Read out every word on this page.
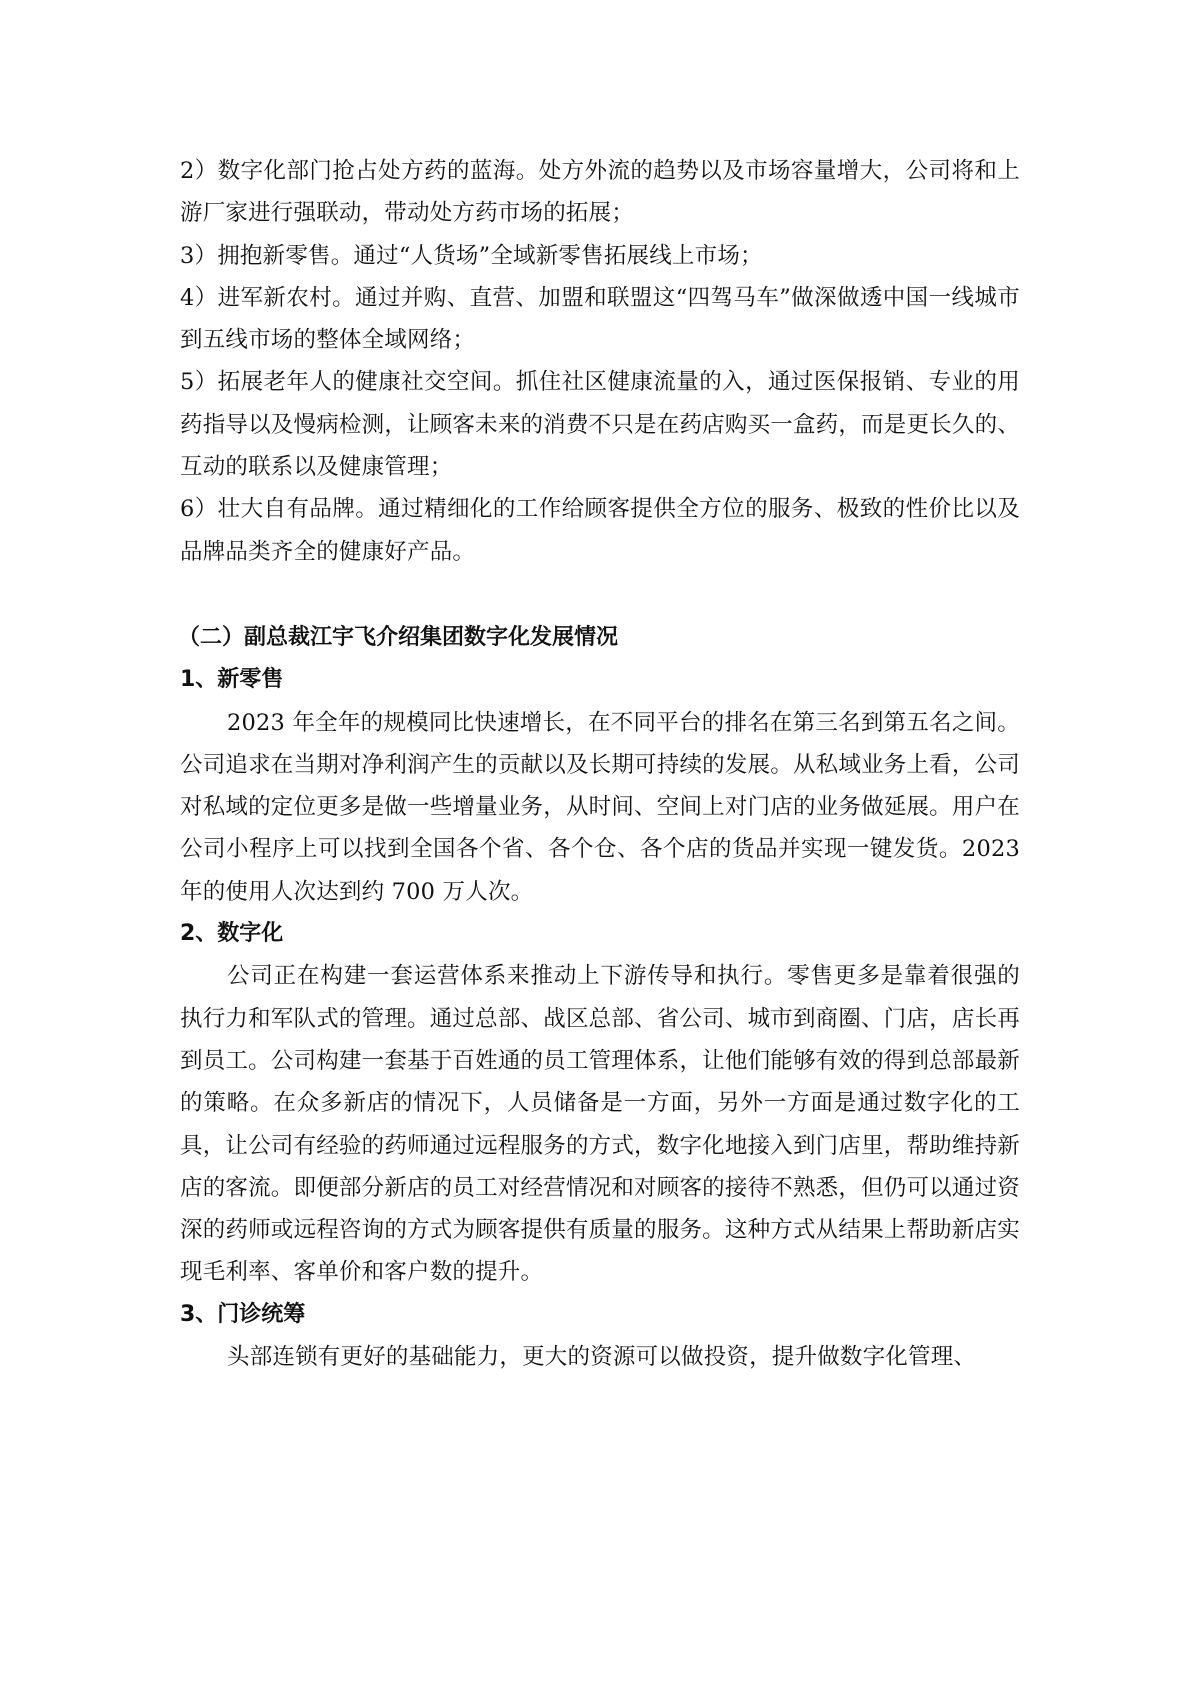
2）数字化部门抢占处方药的蓝海。处方外流的趋势以及市场容量增大，公司将和上游厂家进行强联动，带动处方药市场的拓展；

3）拥抱新零售。通过“人货场”全域新零售拓展线上市场；

4）进军新农村。通过并购、直营、加盟和联盟这“四驾马车”做深做透中国一线城市到五线市场的整体全域网络；

5）拓展老年人的健康社交空间。抓住社区健康流量的入，通过医保报销、专业的用药指导以及慢病检测，让顾客未来的消费不只是在药店购买一盒药，而是更长久的、互动的联系以及健康管理；

6）壮大自有品牌。通过精细化的工作给顾客提供全方位的服务、极致的性价比以及品牌品类齐全的健康好产品。

（二）副总裁江宇飞介绍集团数字化发展情况
1、新零售

2023 年全年的规模同比快速增长，在不同平台的排名在第三名到第五名之间。公司追求在当期对净利润产生的贡献以及长期可持续的发展。从私域业务上看，公司对私域的定位更多是做一些增量业务，从时间、空间上对门店的业务做延展。用户在公司小程序上可以找到全国各个省、各个仓、各个店的货品并实现一键发货。2023 年的使用人次达到约 700 万人次。

2、数字化

公司正在构建一套运营体系来推动上下游传导和执行。零售更多是靠着很强的执行力和军队式的管理。通过总部、战区总部、省公司、城市到商圈、门店，店长再到员工。公司构建一套基于百姓通的员工管理体系，让他们能够有效的得到总部最新的策略。在众多新店的情况下，人员储备是一方面，另外一方面是通过数字化的工具，让公司有经验的药师通过远程服务的方式，数字化地接入到门店里，帮助维持新店的客流。即便部分新店的员工对经营情况和对顾客的接待不熟悉，但仍可以通过资深的药师或远程咨询的方式为顾客提供有质量的服务。这种方式从结果上帮助新店实现毛利率、客单价和客户数的提升。

3、门诊统筹

头部连锁有更好的基础能力，更大的资源可以做投资，提升做数字化管理、
